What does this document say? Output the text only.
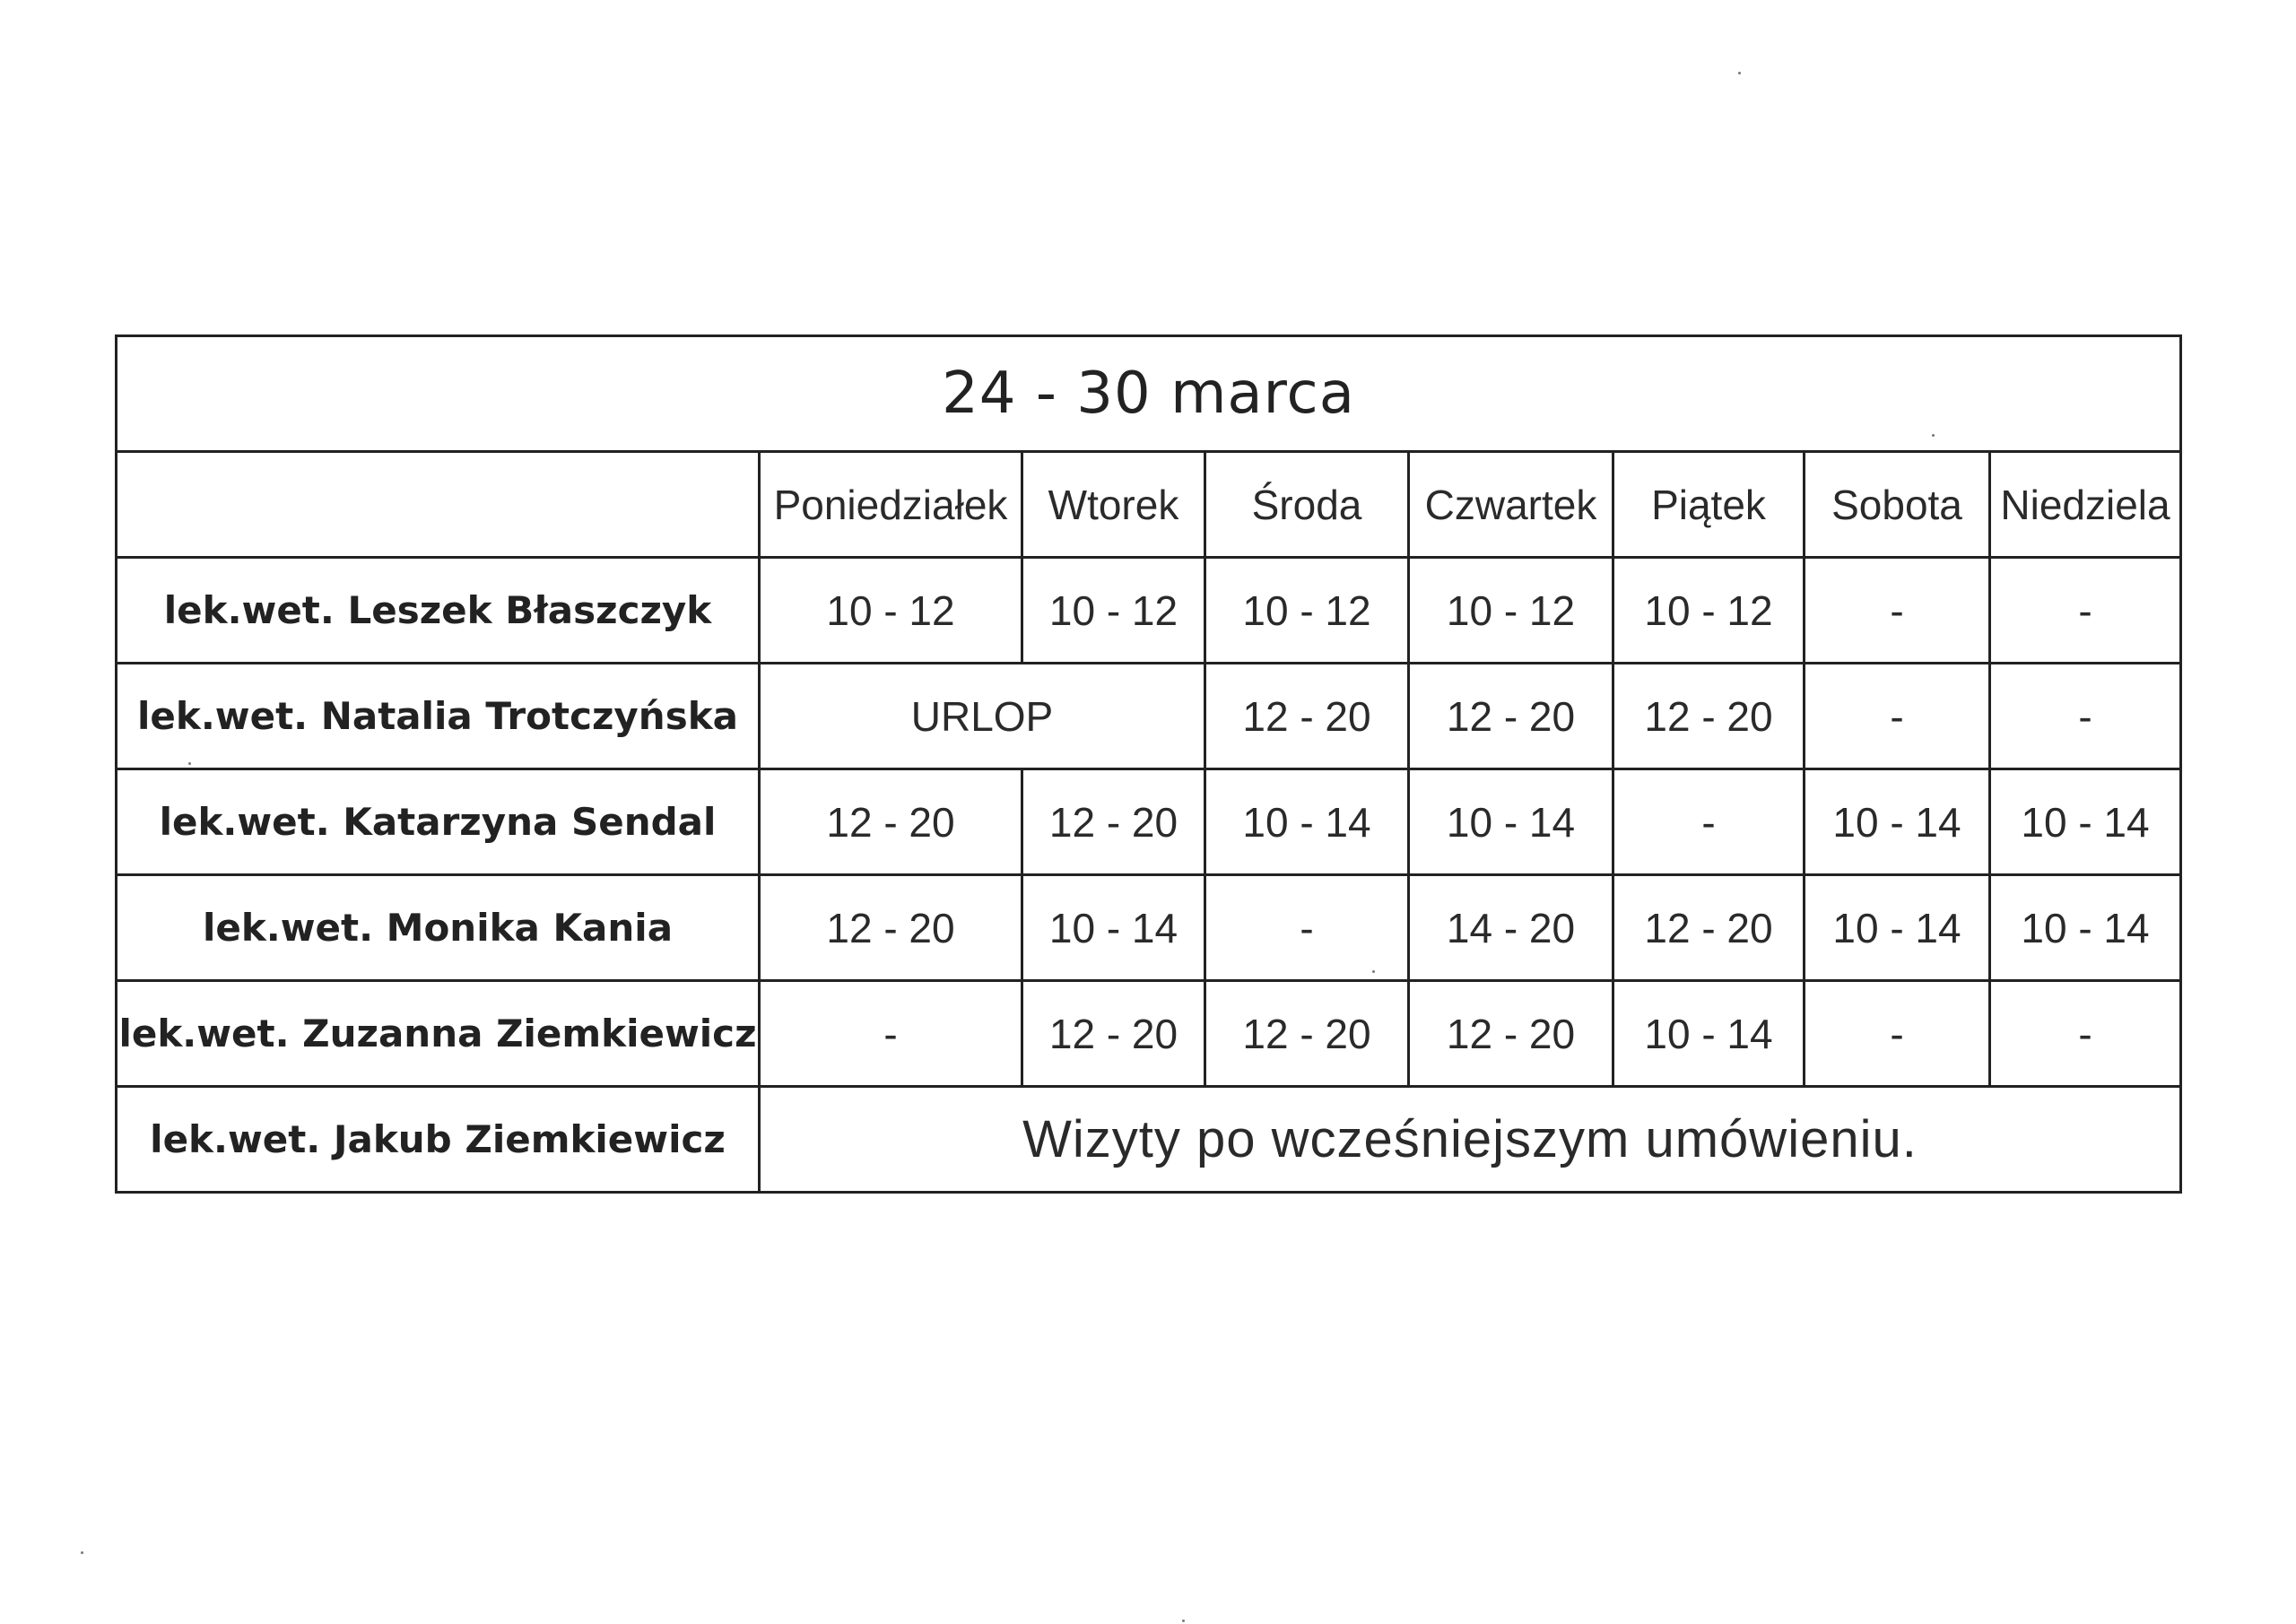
24 - 30 marca							
	Poniedziałek	Wtorek	Środa	Czwartek	Piątek	Sobota	Niedziela
lek.wet. Leszek Błaszczyk	10 - 12	10 - 12	10 - 12	10 - 12	10 - 12	-	-
lek.wet. Natalia Trotczyńska	URLOP		12 - 20	12 - 20	12 - 20	-	-
lek.wet. Katarzyna Sendal	12 - 20	12 - 20	10 - 14	10 - 14	-	10 - 14	10 - 14
lek.wet. Monika Kania	12 - 20	10 - 14	-	14 - 20	12 - 20	10 - 14	10 - 14
lek.wet. Zuzanna Ziemkiewicz	-	12 - 20	12 - 20	12 - 20	10 - 14	-	-
lek.wet. Jakub Ziemkiewicz	Wizyty po wcześniejszym umówieniu.						
